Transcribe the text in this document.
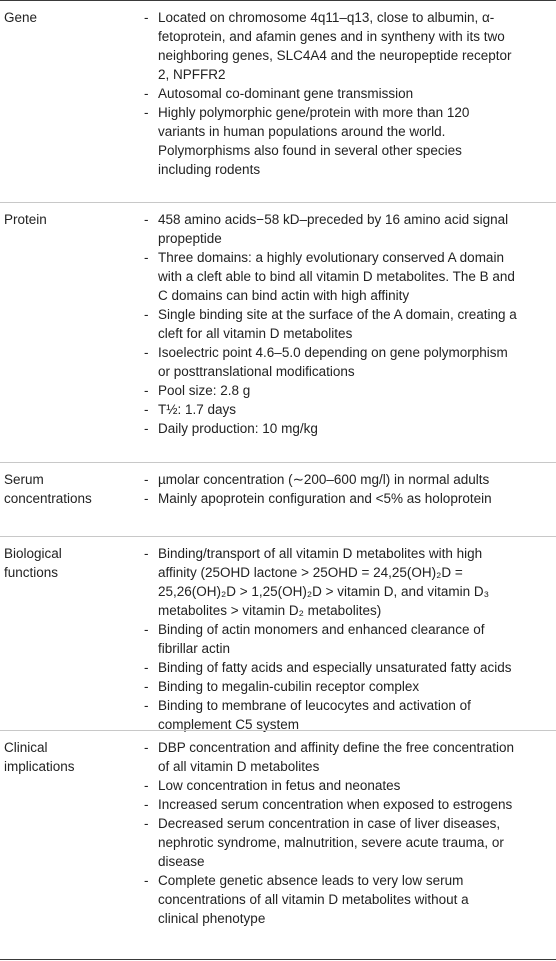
Gene	- Located on chromosome 4q11–q13, close to albumin, α-
fetoprotein, and afamin genes and in syntheny with its two
neighboring genes, SLC4A4 and the neuropeptide receptor
2, NPFFR2
- Autosomal co-dominant gene transmission
- Highly polymorphic gene/protein with more than 120
variants in human populations around the world.
Polymorphisms also found in several other species
including rodents
Protein	- 458 amino acids−58 kD–preceded by 16 amino acid signal
propeptide
- Three domains: a highly evolutionary conserved A domain
with a cleft able to bind all vitamin D metabolites. The B and
C domains can bind actin with high affinity
- Single binding site at the surface of the A domain, creating a
cleft for all vitamin D metabolites
- Isoelectric point 4.6–5.0 depending on gene polymorphism
or posttranslational modifications
- Pool size: 2.8 g
- T½: 1.7 days
- Daily production: 10 mg/kg
Serum
concentrations
- µmolar concentration (∼200–600 mg/l) in normal adults
- Mainly apoprotein configuration and <5% as holoprotein
Biological
functions
- Binding/transport of all vitamin D metabolites with high
affinity (25OHD lactone > 25OHD = 24,25(OH)₂D =
25,26(OH)₂D > 1,25(OH)₂D > vitamin D, and vitamin D₃
metabolites > vitamin D₂ metabolites)
- Binding of actin monomers and enhanced clearance of
fibrillar actin
- Binding of fatty acids and especially unsaturated fatty acids
- Binding to megalin-cubilin receptor complex
- Binding to membrane of leucocytes and activation of
complement C5 system
Clinical
implications
- DBP concentration and affinity define the free concentration
of all vitamin D metabolites
- Low concentration in fetus and neonates
- Increased serum concentration when exposed to estrogens
- Decreased serum concentration in case of liver diseases,
nephrotic syndrome, malnutrition, severe acute trauma, or
disease
- Complete genetic absence leads to very low serum
concentrations of all vitamin D metabolites without a
clinical phenotype
